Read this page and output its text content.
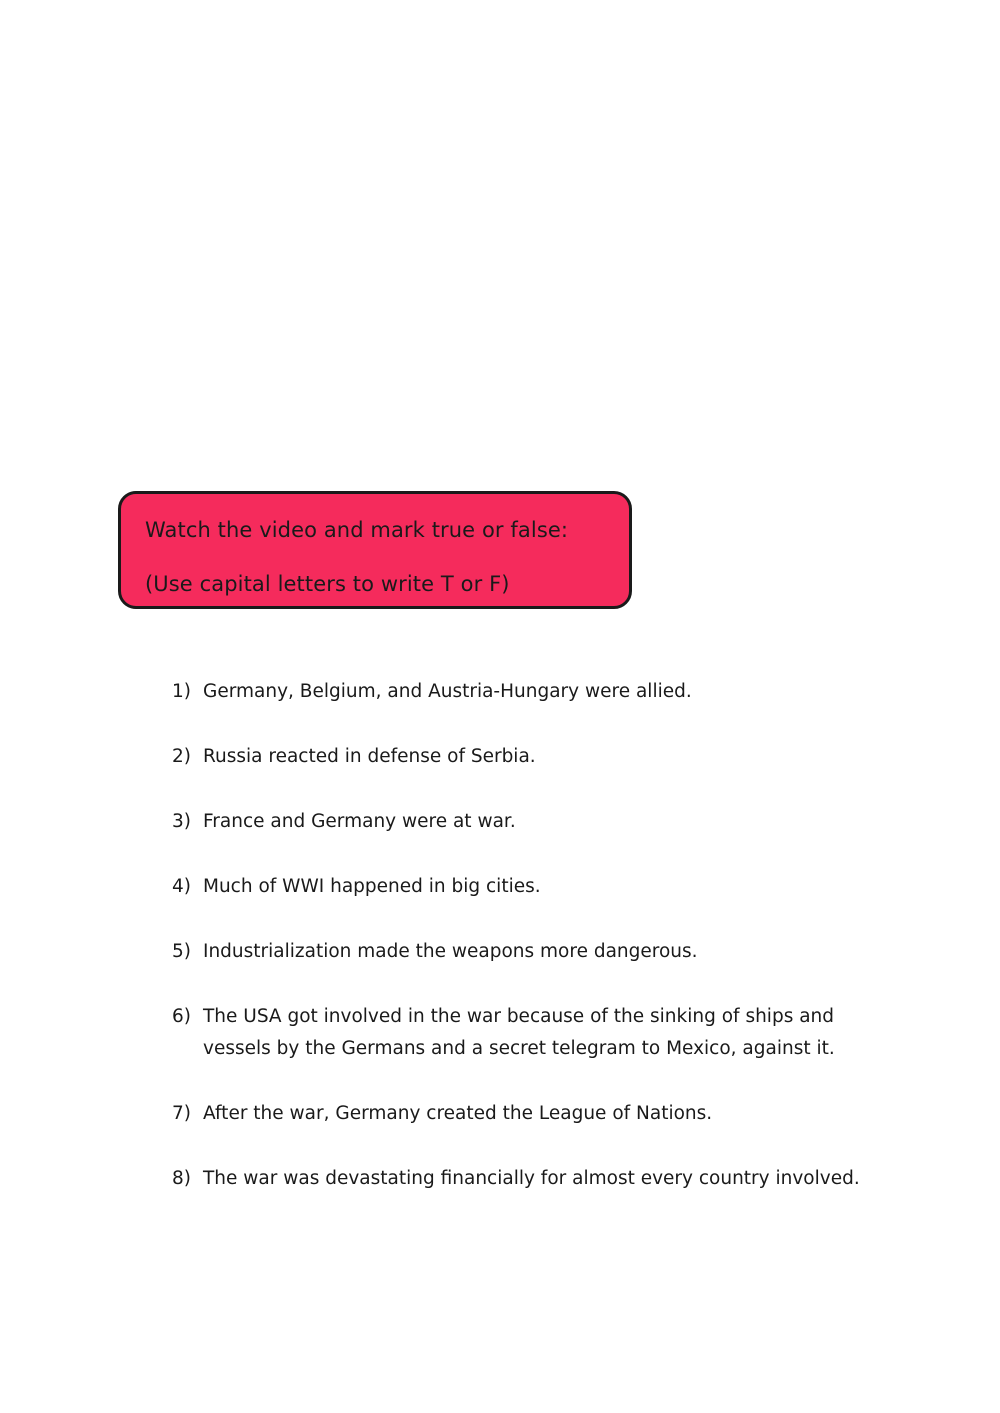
Watch the video and mark true or false:
(Use capital letters to write T or F)
1) Germany, Belgium, and Austria-Hungary were allied.
2) Russia reacted in defense of Serbia.
3) France and Germany were at war.
4) Much of WWI happened in big cities.
5) Industrialization made the weapons more dangerous.
6) The USA got involved in the war because of the sinking of ships and vessels by the Germans and a secret telegram to Mexico, against it.
7) After the war, Germany created the League of Nations.
8) The war was devastating financially for almost every country involved.
